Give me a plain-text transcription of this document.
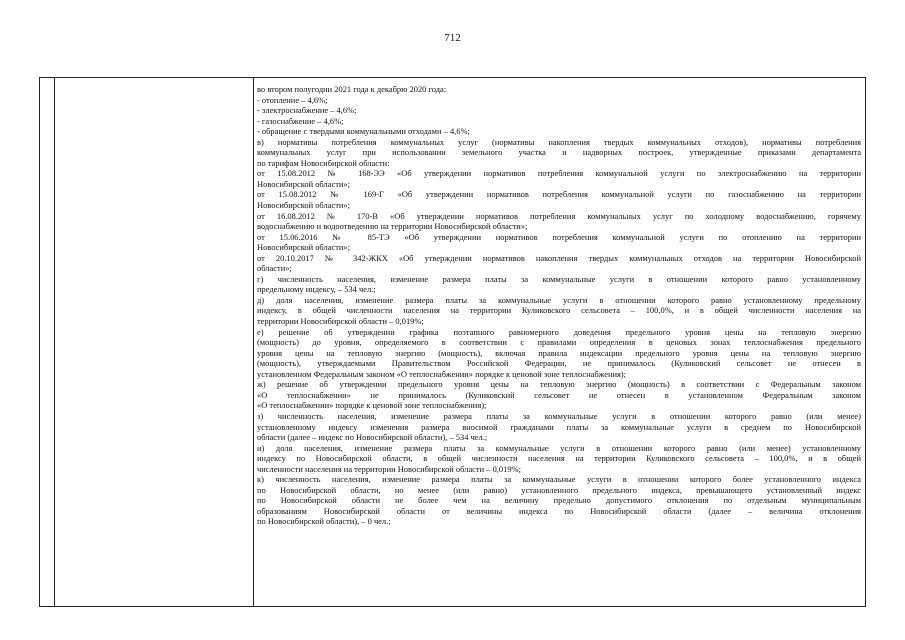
712

во втором полугодии 2021 года к декабрю 2020 года:

- отопление – 4,6%;

- электроснабжение – 4,6%;

- газоснабжение – 4,6%;

- обращение с твердыми коммунальными отходами – 4,6%;

в) нормативы потребления коммунальных услуг (нормативы накопления твердых коммунальных отходов), нормативы потребления

коммунальных услуг при использовании земельного участка и надворных построек, утвержденные приказами департамента

по тарифам Новосибирской области:

от 15.08.2012 № 168-ЭЭ «Об утверждении нормативов потребления коммунальной услуги по электроснабжению на территории

Новосибирской области»;

от 15.08.2012 № 169-Г «Об утверждении нормативов потребления коммунальной услуги по газоснабжению на территории

Новосибирской области»;

от 16.08.2012 № 170-В «Об утверждении нормативов потребления коммунальных услуг по холодному водоснабжению, горячему

водоснабжению и водоотведению на территории Новосибирской области»;

от 15.06.2016 № 85-ТЭ «Об утверждении нормативов потребления коммунальной услуги по отоплению на территории

Новосибирской области»;

от 20.10.2017 № 342-ЖКХ «Об утверждении нормативов накопления твердых коммунальных отходов на территории Новосибирской

области»;

г) численность населения, изменение размера платы за коммунальные услуги в отношении которого равно установленному

предельному индексу, – 534 чел.;

д) доля населения, изменение размера платы за коммунальные услуги в отношении которого равно установленному предельному

индексу, в общей численности населения на территории Куликовского сельсовета – 100,0%, и в общей численности населения на

территории Новосибирской области – 0,019%;

е) решение об утверждении графика поэтапного равномерного доведения предельного уровня цены на тепловую энергию

(мощность) до уровня, определяемого в соответствии с правилами определения в ценовых зонах теплоснабжения предельного

уровня цены на тепловую энергию (мощность), включая правила индексации предельного уровня цены на тепловую энергию

(мощность), утверждаемыми Правительством Российской Федерации, не принималось (Куликовский сельсовет не отнесен в

установленном Федеральным законом «О теплоснабжении» порядке к ценовой зоне теплоснабжения);

ж) решение об утверждении предельного уровня цены на тепловую энергию (мощность) в соответствии с Федеральным законом

«О теплоснабжении» не принималось (Куликовский сельсовет не отнесен в установленном Федеральным законом

«О теплоснабжении» порядке к ценовой зоне теплоснабжения);

з) численность населения, изменение размера платы за коммунальные услуги в отношении которого равно (или менее)

установленному индексу изменения размера вносимой гражданами платы за коммунальные услуги в среднем по Новосибирской

области (далее – индекс по Новосибирской области), – 534 чел.;

и) доля населения, изменение размера платы за коммунальные услуги в отношении которого равно (или менее) установленному

индексу по Новосибирской области, в общей численности населения на территории Куликовского сельсовета – 100,0%, и в общей

численности населения на территории Новосибирской области – 0,019%;

к) численность населения, изменение размера платы за коммунальные услуги в отношении которого более установленного индекса

по Новосибирской области, но менее (или равно) установленного предельного индекса, превышающего установленный индекс

по Новосибирской области не более чем на величину предельно допустимого отклонения по отдельным муниципальным

образованиям Новосибирской области от величины индекса по Новосибирской области (далее – величина отклонения

по Новосибирской области), – 0 чел.;
